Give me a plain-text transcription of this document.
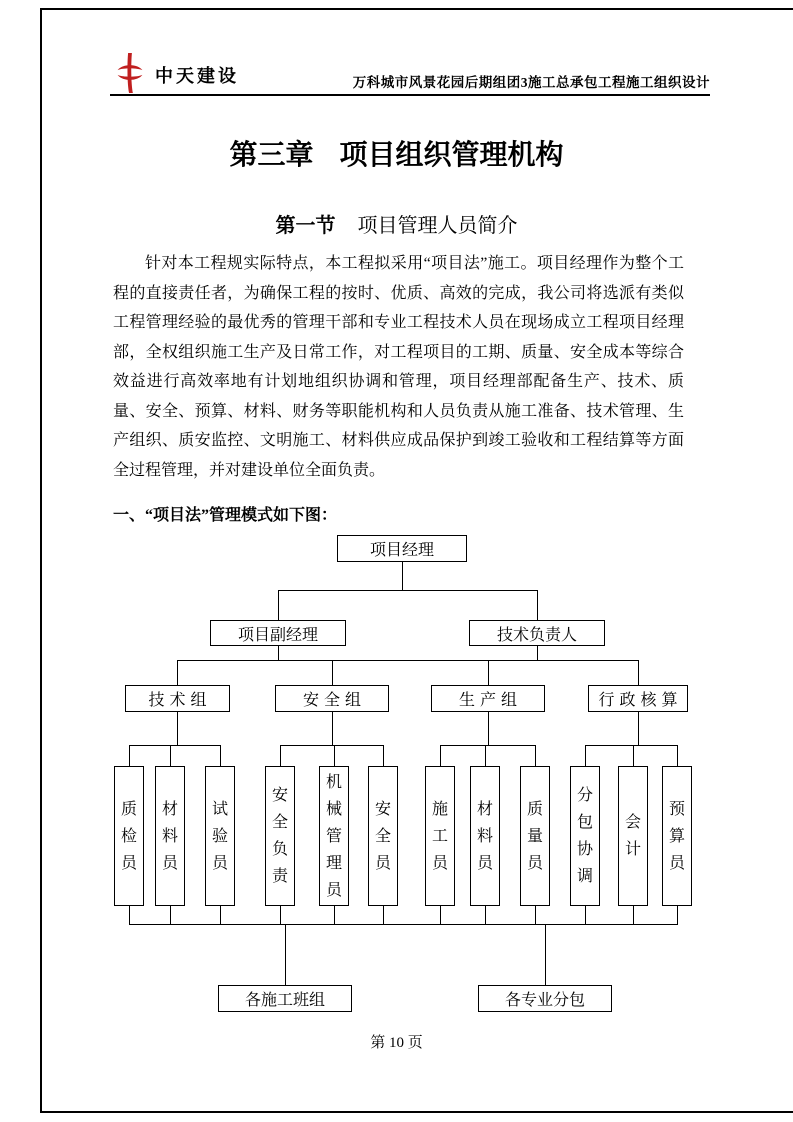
中天建设	万科城市风景花园后期组团3施工总承包工程施工组织设计
第三章 项目组织管理机构
第一节 项目管理人员简介
针对本工程规实际特点，本工程拟采用“项目法”施工。项目经理作为整个工程的直接责任者，为确保工程的按时、优质、高效的完成，我公司将选派有类似工程管理经验的最优秀的管理干部和专业工程技术人员在现场成立工程项目经理部，全权组织施工生产及日常工作，对工程项目的工期、质量、安全成本等综合效益进行高效率地有计划地组织协调和管理，项目经理部配备生产、技术、质量、安全、预算、材料、财务等职能机构和人员负责从施工准备、技术管理、生产组织、质安监控、文明施工、材料供应成品保护到竣工验收和工程结算等方面全过程管理，并对建设单位全面负责。
一、“项目法”管理模式如下图：
项目经理
项目副经理	技术负责人
技术组	安全组	生产组	行政核算
质检员
材料员
试验员
安全负责
机械管理员
安全员
施工员
材料员
质量员
分包协调
会计
预算员
各施工班组	各专业分包
第 10 页
